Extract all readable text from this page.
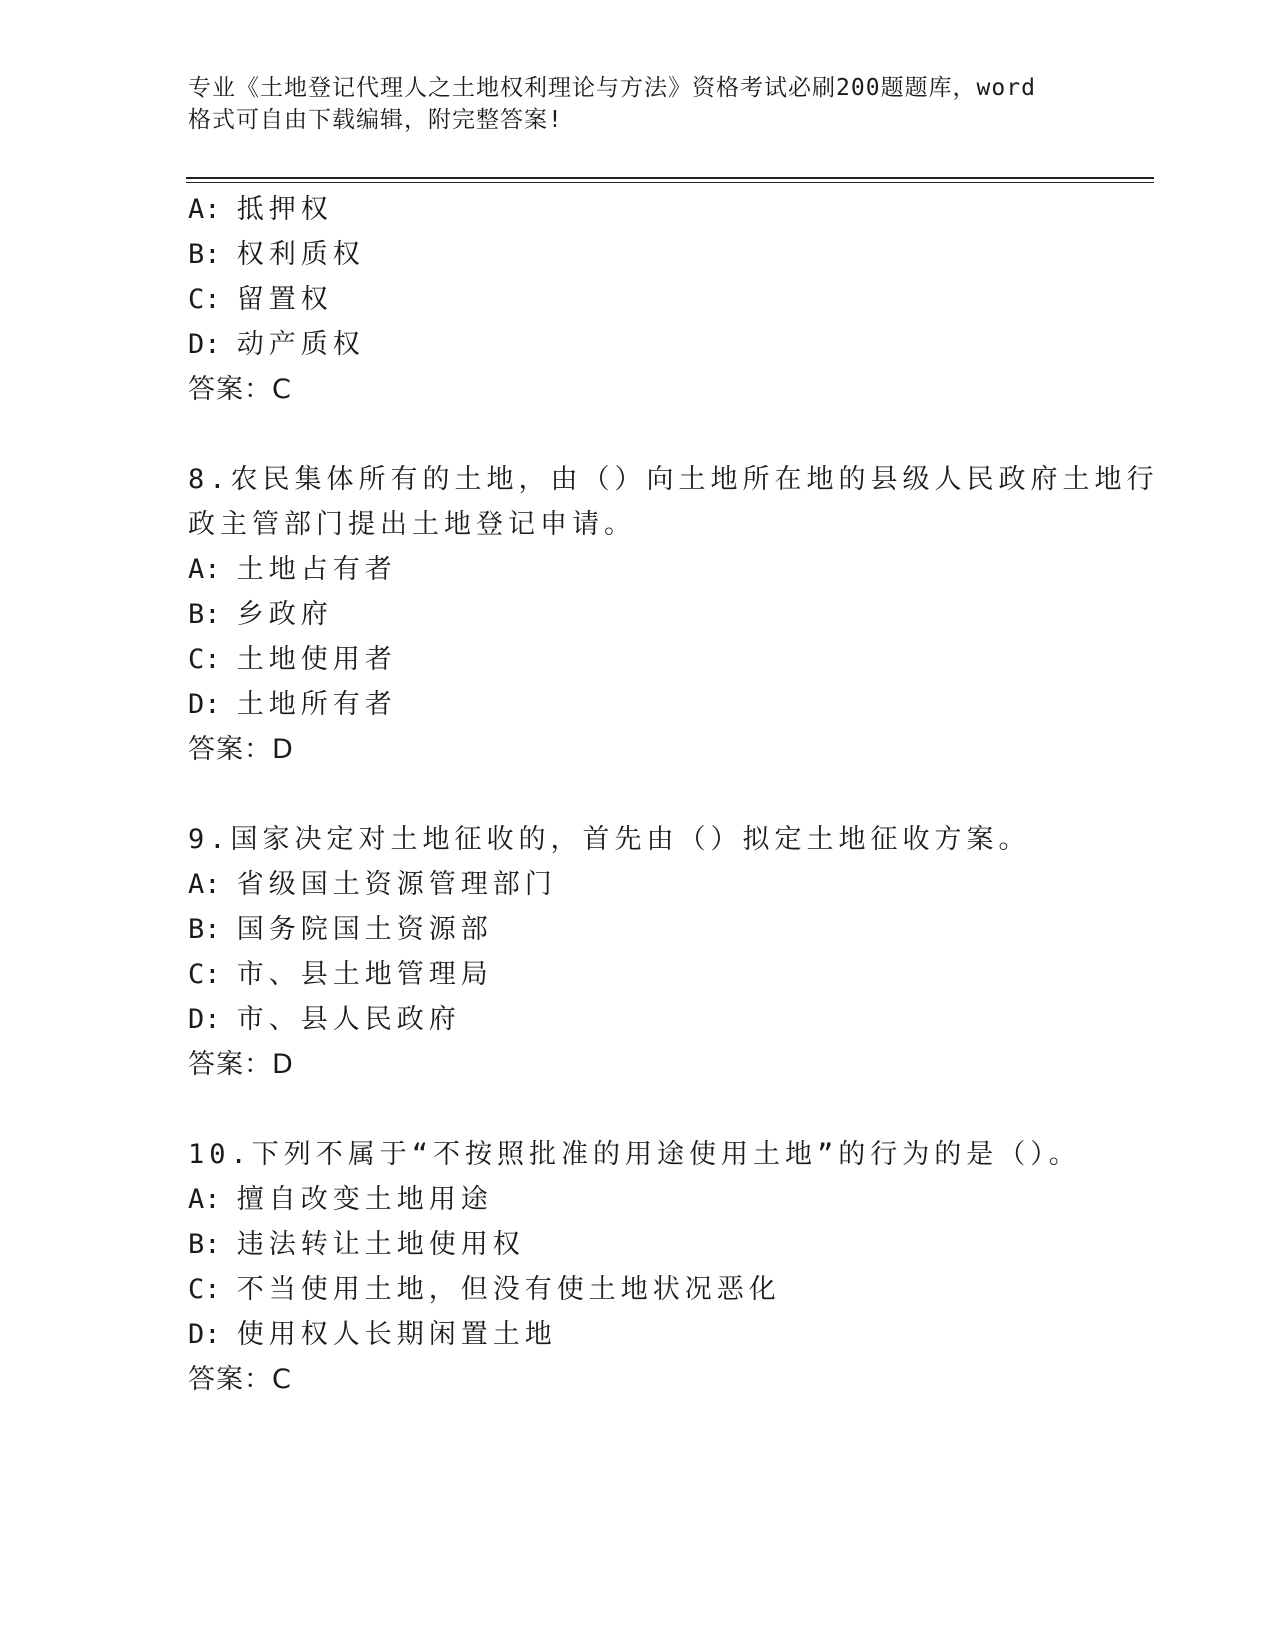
专业《土地登记代理人之土地权利理论与方法》资格考试必刷200题题库，word
格式可自由下载编辑，附完整答案!
A: 抵押权
B: 权利质权
C: 留置权
D: 动产质权
答案：C
8.农民集体所有的土地，由（）向土地所在地的县级人民政府土地行
政主管部门提出土地登记申请。
A: 土地占有者
B: 乡政府
C: 土地使用者
D: 土地所有者
答案：D
9.国家决定对土地征收的，首先由（）拟定土地征收方案。
A: 省级国土资源管理部门
B: 国务院国土资源部
C: 市、县土地管理局
D: 市、县人民政府
答案：D
10.下列不属于“不按照批准的用途使用土地”的行为的是（）。
A: 擅自改变土地用途
B: 违法转让土地使用权
C: 不当使用土地，但没有使土地状况恶化
D: 使用权人长期闲置土地
答案：C
